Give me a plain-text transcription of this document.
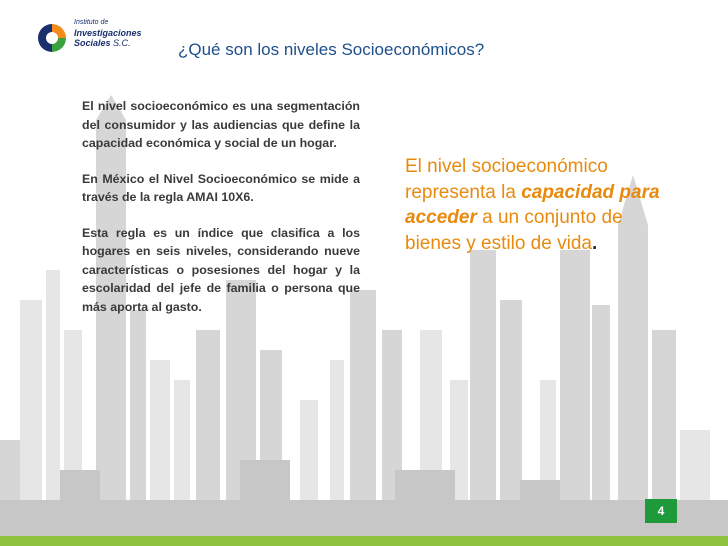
Instituto de
Investigaciones
Sociales S.C.	¿Qué son los niveles Socioeconómicos?

El nivel socioeconómico es una segmentación del consumidor y las audiencias que define la capacidad económica y social de un hogar.

En México el Nivel Socioeconómico se mide a través de la regla AMAI 10X6.

Esta regla es un índice que clasifica a los hogares en seis niveles, considerando nueve características o posesiones del hogar y la escolaridad del jefe de familia o persona que más aporta al gasto.

El nivel socioeconómico representa la capacidad para acceder a un conjunto de bienes y estilo de vida.
4
